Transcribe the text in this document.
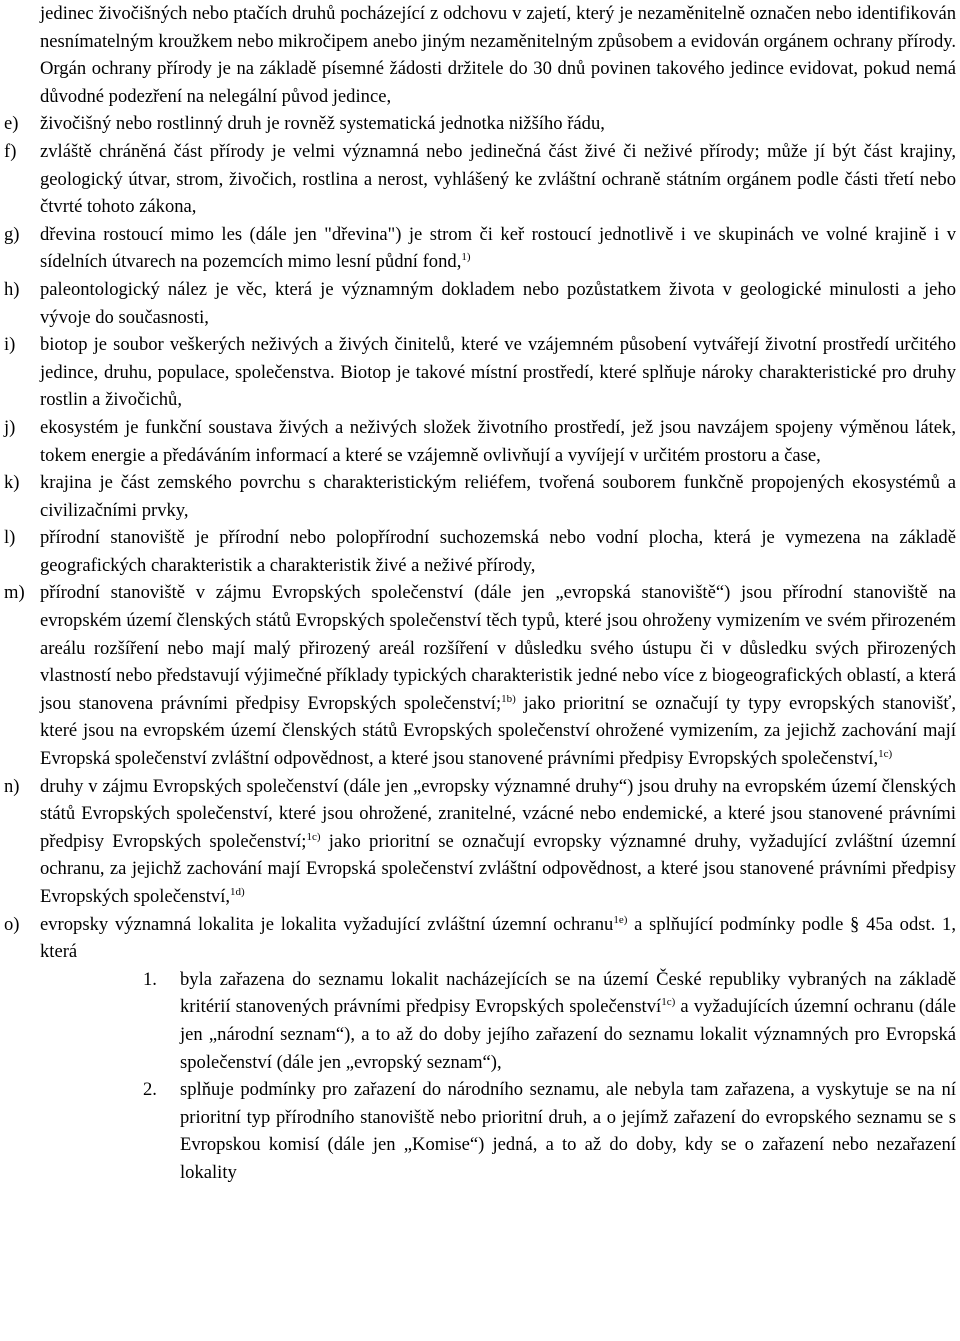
jedinec živočišných nebo ptačích druhů pocházející z odchovu v zajetí, který je nezaměnitelně označen nebo identifikován nesnímatelným kroužkem nebo mikročipem anebo jiným nezaměnitelným způsobem a evidován orgánem ochrany přírody. Orgán ochrany přírody je na základě písemné žádosti držitele do 30 dnů povinen takového jedince evidovat, pokud nemá důvodné podezření na nelegální původ jedince,

e) živočišný nebo rostlinný druh je rovněž systematická jednotka nižšího řádu,

f) zvláště chráněná část přírody je velmi významná nebo jedinečná část živé či neživé přírody; může jí být část krajiny, geologický útvar, strom, živočich, rostlina a nerost, vyhlášený ke zvláštní ochraně státním orgánem podle části třetí nebo čtvrté tohoto zákona,

g) dřevina rostoucí mimo les (dále jen "dřevina") je strom či keř rostoucí jednotlivě i ve skupinách ve volné krajině i v sídelních útvarech na pozemcích mimo lesní půdní fond,$^{1)}$

h) paleontologický nález je věc, která je významným dokladem nebo pozůstatkem života v geologické minulosti a jeho vývoje do současnosti,

i) biotop je soubor veškerých neživých a živých činitelů, které ve vzájemném působení vytvářejí životní prostředí určitého jedince, druhu, populace, společenstva. Biotop je takové místní prostředí, které splňuje nároky charakteristické pro druhy rostlin a živočichů,

j) ekosystém je funkční soustava živých a neživých složek životního prostředí, jež jsou navzájem spojeny výměnou látek, tokem energie a předáváním informací a které se vzájemně ovlivňují a vyvíjejí v určitém prostoru a čase,

k) krajina je část zemského povrchu s charakteristickým reliéfem, tvořená souborem funkčně propojených ekosystémů a civilizačními prvky,

l) přírodní stanoviště je přírodní nebo polopřírodní suchozemská nebo vodní plocha, která je vymezena na základě geografických charakteristik a charakteristik živé a neživé přírody,

m) přírodní stanoviště v zájmu Evropských společenství (dále jen „evropská stanoviště“) jsou přírodní stanoviště na evropském území členských států Evropských společenství těch typů, které jsou ohroženy vymizením ve svém přirozeném areálu rozšíření nebo mají malý přirozený areál rozšíření v důsledku svého ústupu či v důsledku svých přirozených vlastností nebo představují výjimečné příklady typických charakteristik jedné nebo více z biogeografických oblastí, a která jsou stanovena právními předpisy Evropských společenství;$^{1b)}$ jako prioritní se označují ty typy evropských stanovišť, které jsou na evropském území členských států Evropských společenství ohrožené vymizením, za jejichž zachování mají Evropská společenství zvláštní odpovědnost, a které jsou stanovené právními předpisy Evropských společenství,$^{1c)}$

n) druhy v zájmu Evropských společenství (dále jen „evropsky významné druhy“) jsou druhy na evropském území členských států Evropských společenství, které jsou ohrožené, zranitelné, vzácné nebo endemické, a které jsou stanovené právními předpisy Evropských společenství;$^{1c)}$ jako prioritní se označují evropsky významné druhy, vyžadující zvláštní územní ochranu, za jejichž zachování mají Evropská společenství zvláštní odpovědnost, a které jsou stanovené právními předpisy Evropských společenství,$^{1d)}$

o) evropsky významná lokalita je lokalita vyžadující zvláštní územní ochranu$^{1e)}$ a splňující podmínky podle § 45a odst. 1, která

1. byla zařazena do seznamu lokalit nacházejících se na území České republiky vybraných na základě kritérií stanovených právními předpisy Evropských společenství$^{1c)}$ a vyžadujících územní ochranu (dále jen „národní seznam“), a to až do doby jejího zařazení do seznamu lokalit významných pro Evropská společenství (dále jen „evropský seznam“),

2. splňuje podmínky pro zařazení do národního seznamu, ale nebyla tam zařazena, a vyskytuje se na ní prioritní typ přírodního stanoviště nebo prioritní druh, a o jejímž zařazení do evropského seznamu se s Evropskou komisí (dále jen „Komise“) jedná, a to až do doby, kdy se o zařazení nebo nezařazení lokality
